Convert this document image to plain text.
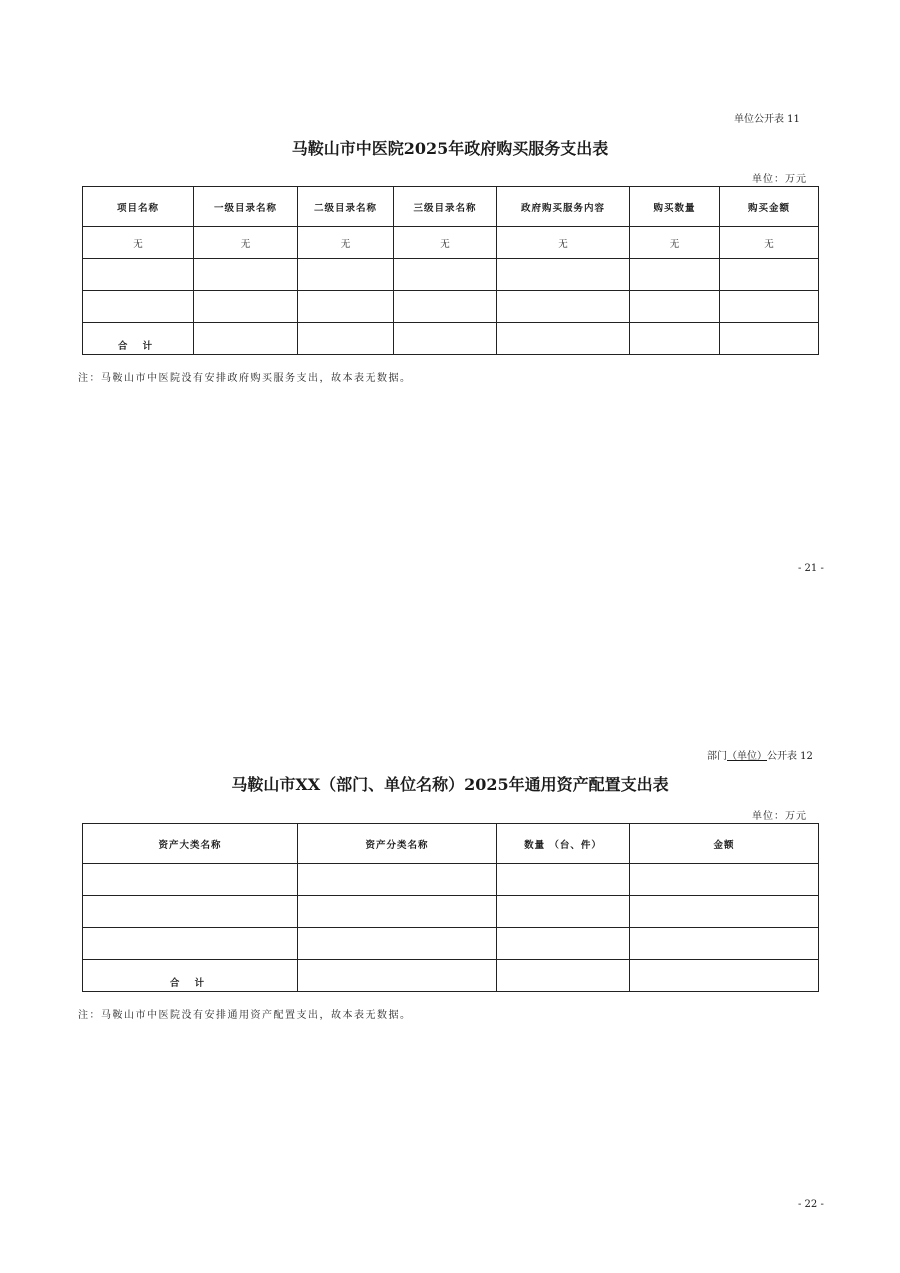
单位公开表 11
马鞍山市中医院2025年政府购买服务支出表
单位：万元
项目名称	一级目录名称	二级目录名称	三级目录名称	政府购买服务内容	购买数量	购买金额
无	无	无	无	无	无	无

合 计						
注：马鞍山市中医院没有安排政府购买服务支出，故本表无数据。
- 21 -
部门（单位）公开表 12
马鞍山市XX（部门、单位名称）2025年通用资产配置支出表
单位：万元
资产大类名称	资产分类名称	数量 （台、件）	金额

合 计			
注：马鞍山市中医院没有安排通用资产配置支出，故本表无数据。
- 22 -
